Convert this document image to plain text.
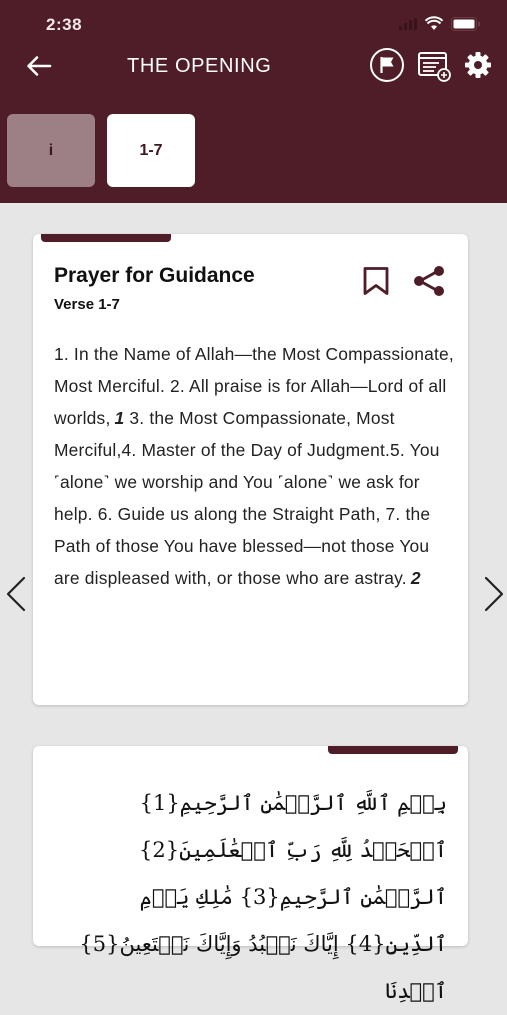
2:38
THE OPENING
i	1-7
Prayer for Guidance
Verse 1-7
1. In the Name of Allah—the Most Compassionate, Most Merciful. 2. All praise is for Allah—Lord of all worlds, 1 3. the Most Compassionate, Most Merciful,4. Master of the Day of Judgment.5. You ˹alone˺ we worship and You ˹alone˺ we ask for help. 6. Guide us along the Straight Path, 7. the Path of those You have blessed—not those You are displeased with, or those who are astray. 2
بِسۡمِ ٱللَّهِ ٱلرَّحۡمَٰنِ ٱلرَّحِيمِ{1} ٱلۡحَمۡدُ لِلَّهِ رَبِّ ٱلۡعَٰلَمِينَ{2} ٱلرَّحۡمَٰنِ ٱلرَّحِيمِ{3} مَٰلِكِ يَوۡمِ ٱلدِّينِ{4} إِيَّاكَ نَعۡبُدُ وَإِيَّاكَ نَسۡتَعِينُ{5} ٱهۡدِنَا
